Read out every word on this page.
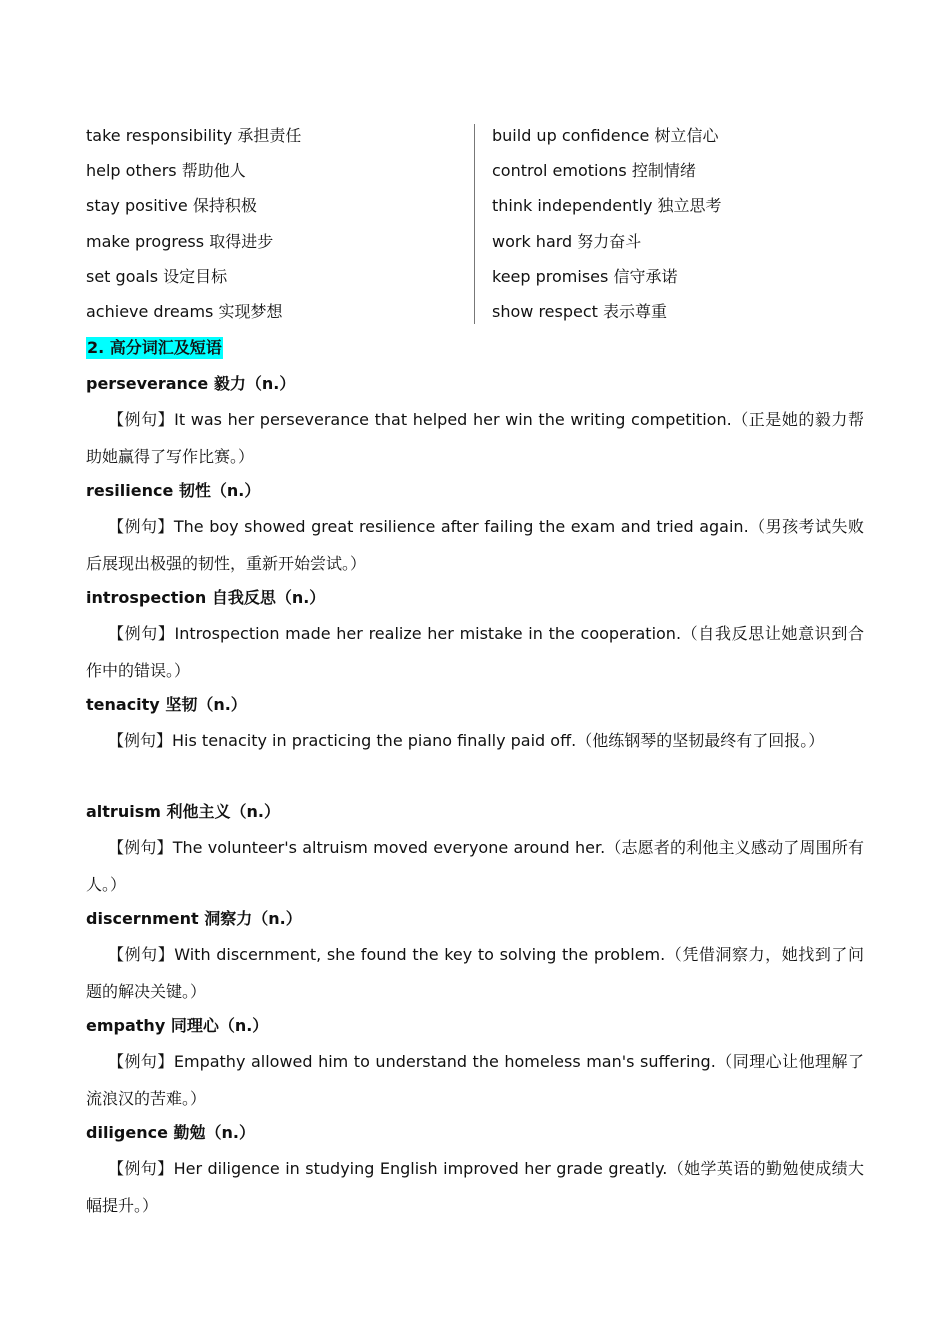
take responsibility 承担责任
help others 帮助他人
stay positive 保持积极
make progress 取得进步
set goals 设定目标
achieve dreams 实现梦想
build up confidence 树立信心
control emotions 控制情绪
think independently 独立思考
work hard 努力奋斗
keep promises 信守承诺
show respect 表示尊重
2. 高分词汇及短语
perseverance 毅力（n.）
【例句】It was her perseverance that helped her win the writing competition.（正是她的毅力帮助她赢得了写作比赛。）
resilience 韧性（n.）
【例句】The boy showed great resilience after failing the exam and tried again.（男孩考试失败后展现出极强的韧性，重新开始尝试。）
introspection 自我反思（n.）
【例句】Introspection made her realize her mistake in the cooperation.（自我反思让她意识到合作中的错误。）
tenacity 坚韧（n.）
【例句】His tenacity in practicing the piano finally paid off.（他练钢琴的坚韧最终有了回报。）
altruism 利他主义（n.）
【例句】The volunteer's altruism moved everyone around her.（志愿者的利他主义感动了周围所有人。）
discernment 洞察力（n.）
【例句】With discernment, she found the key to solving the problem.（凭借洞察力，她找到了问题的解决关键。）
empathy 同理心（n.）
【例句】Empathy allowed him to understand the homeless man's suffering.（同理心让他理解了流浪汉的苦难。）
diligence 勤勉（n.）
【例句】Her diligence in studying English improved her grade greatly.（她学英语的勤勉使成绩大幅提升。）
